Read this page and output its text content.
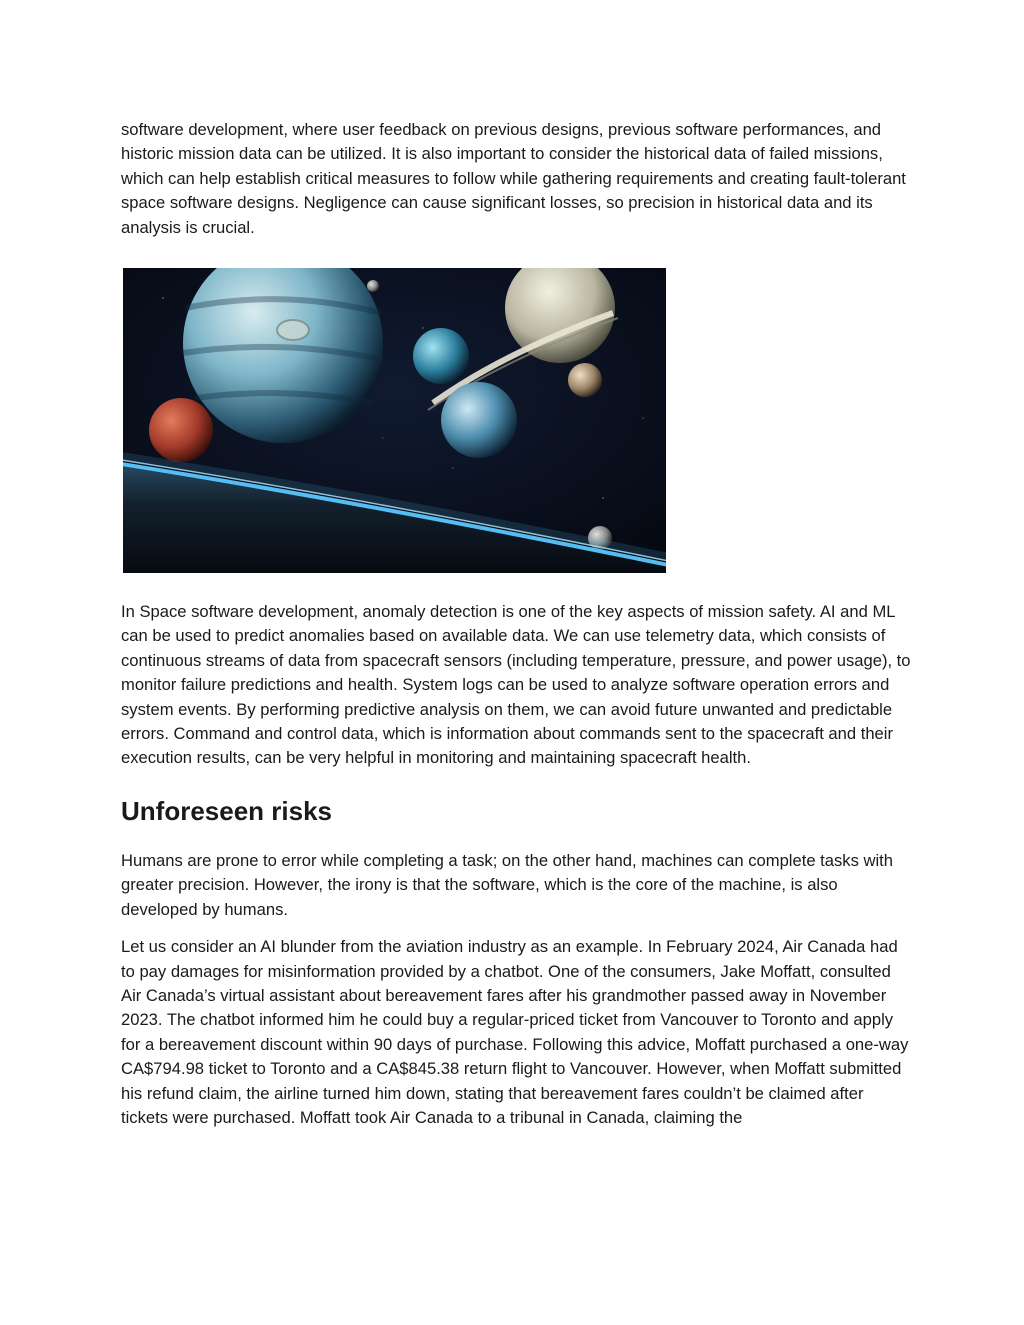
software development, where user feedback on previous designs, previous software performances, and historic mission data can be utilized. It is also important to consider the historical data of failed missions, which can help establish critical measures to follow while gathering requirements and creating fault-tolerant space software designs. Negligence can cause significant losses, so precision in historical data and its analysis is crucial.

In Space software development, anomaly detection is one of the key aspects of mission safety. AI and ML can be used to predict anomalies based on available data. We can use telemetry data, which consists of continuous streams of data from spacecraft sensors (including temperature, pressure, and power usage), to monitor failure predictions and health. System logs can be used to analyze software operation errors and system events. By performing predictive analysis on them, we can avoid future unwanted and predictable errors. Command and control data, which is information about commands sent to the spacecraft and their execution results, can be very helpful in monitoring and maintaining spacecraft health.

Unforeseen risks

Humans are prone to error while completing a task; on the other hand, machines can complete tasks with greater precision. However, the irony is that the software, which is the core of the machine, is also developed by humans.

Let us consider an AI blunder from the aviation industry as an example. In February 2024, Air Canada had to pay damages for misinformation provided by a chatbot. One of the consumers, Jake Moffatt, consulted Air Canada’s virtual assistant about bereavement fares after his grandmother passed away in November 2023. The chatbot informed him he could buy a regular-priced ticket from Vancouver to Toronto and apply for a bereavement discount within 90 days of purchase. Following this advice, Moffatt purchased a one-way CA$794.98 ticket to Toronto and a CA$845.38 return flight to Vancouver. However, when Moffatt submitted his refund claim, the airline turned him down, stating that bereavement fares couldn’t be claimed after tickets were purchased. Moffatt took Air Canada to a tribunal in Canada, claiming the
